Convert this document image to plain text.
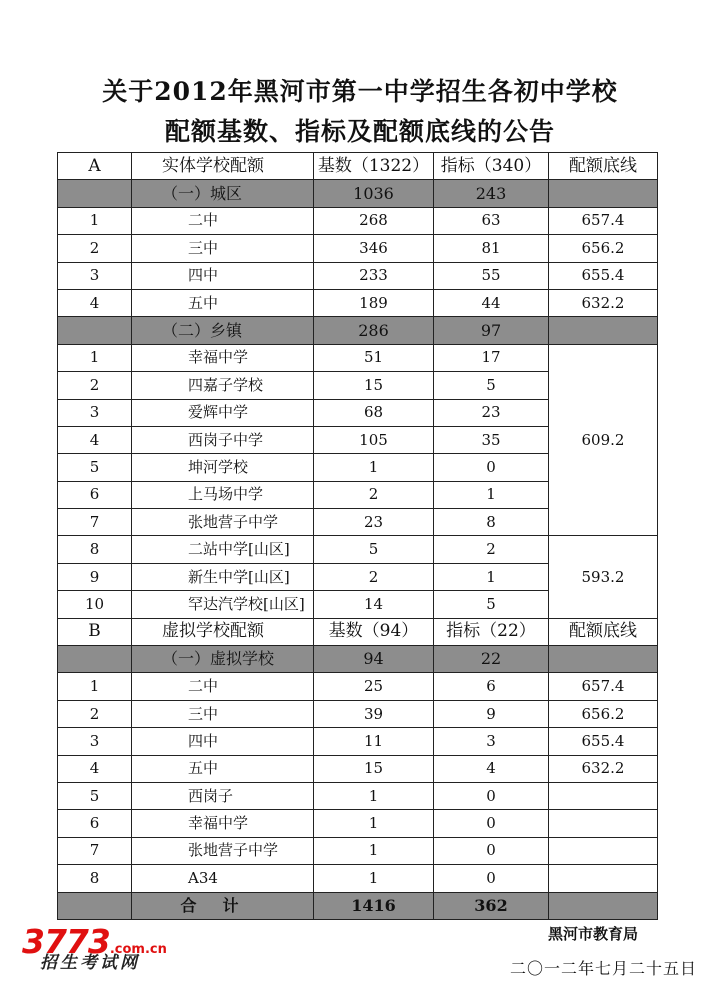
关于2012年黑河市第一中学招生各初中学校
配额基数、指标及配额底线的公告
A	实体学校配额	基数（1322）	指标（340）	配额底线
	（一）城区	1036	243	
1	二中	268	63	657.4
2	三中	346	81	656.2
3	四中	233	55	655.4
4	五中	189	44	632.2
	（二）乡镇	286	97	
1	幸福中学	51	17	609.2
2	四嘉子学校	15	5	
3	爱辉中学	68	23	
4	西岗子中学	105	35	
5	坤河学校	1	0	
6	上马场中学	2	1	
7	张地营子中学	23	8	
8	二站中学[山区]	5	2	593.2
9	新生中学[山区]	2	1	
10	罕达汽学校[山区]	14	5	
B	虚拟学校配额	基数（94）	指标（22）	配额底线
	（一）虚拟学校	94	22	
1	二中	25	6	657.4
2	三中	39	9	656.2
3	四中	11	3	655.4
4	五中	15	4	632.2
5	西岗子	1	0	
6	幸福中学	1	0	
7	张地营子中学	1	0	
8	A34	1	0	
	合计	1416	362	
3773.com.cn
招生考试网
黑河市教育局
二〇一二年七月二十五日
